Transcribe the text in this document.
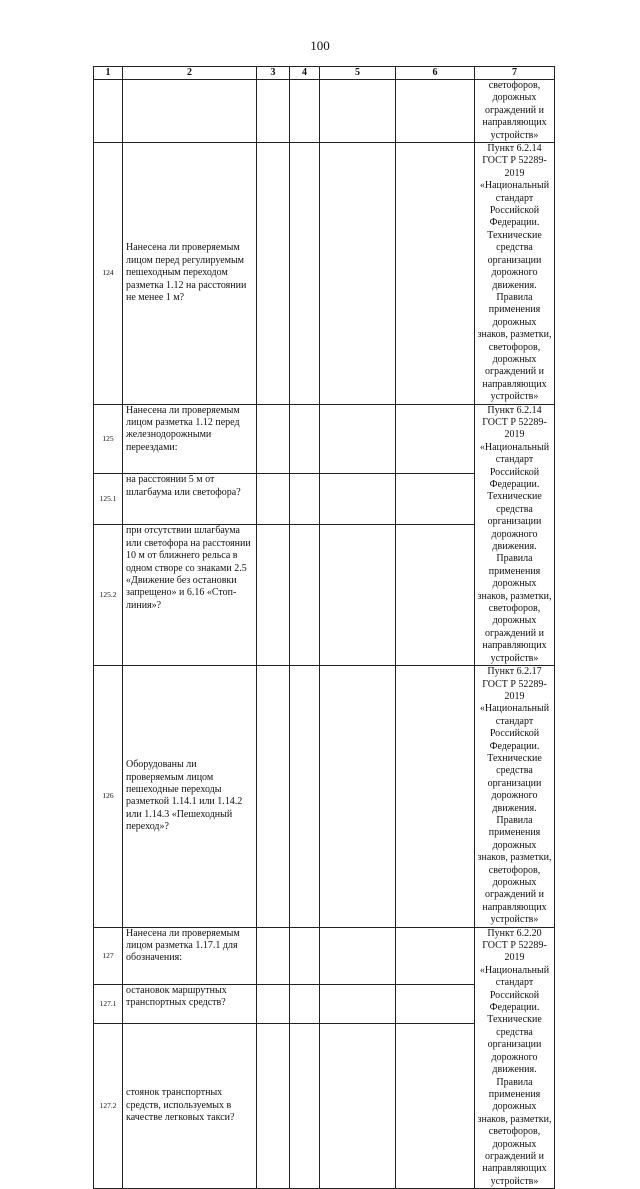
100
1	2	3	4	5	6	7
						светофоров, дорожных ограждений и направляющих устройств»
124	Нанесена ли проверяемым лицом перед регулируемым пешеходным переходом разметка 1.12 на расстоянии не менее 1 м?					Пункт 6.2.14 ГОСТ Р 52289-2019 «Национальный стандарт Российской Федерации. Технические средства организации дорожного движения. Правила применения дорожных знаков, разметки, светофоров, дорожных ограждений и направляющих устройств»
125	Нанесена ли проверяемым лицом разметка 1.12 перед железнодорожными переездами:					Пункт 6.2.14 ГОСТ Р 52289-2019 «Национальный стандарт Российской Федерации. Технические средства организации дорожного движения. Правила применения дорожных знаков, разметки, светофоров, дорожных ограждений и направляющих устройств»
125.1	на расстоянии 5 м от шлагбаума или светофора?					
125.2	при отсутствии шлагбаума или светофора на расстоянии 10 м от ближнего рельса в одном створе со знаками 2.5 «Движение без остановки запрещено» и 6.16 «Стоп-линия»?					
126	Оборудованы ли проверяемым лицом пешеходные переходы разметкой 1.14.1 или 1.14.2 или 1.14.3 «Пешеходный переход»?					Пункт 6.2.17 ГОСТ Р 52289-2019 «Национальный стандарт Российской Федерации. Технические средства организации дорожного движения. Правила применения дорожных знаков, разметки, светофоров, дорожных ограждений и направляющих устройств»
127	Нанесена ли проверяемым лицом разметка 1.17.1 для обозначения:					Пункт 6.2.20 ГОСТ Р 52289-2019 «Национальный стандарт Российской Федерации. Технические средства организации дорожного движения. Правила применения дорожных знаков, разметки, светофоров, дорожных ограждений и направляющих устройств»
127.1	остановок маршрутных транспортных средств?					
127.2	стоянок транспортных средств, используемых в качестве легковых такси?					
